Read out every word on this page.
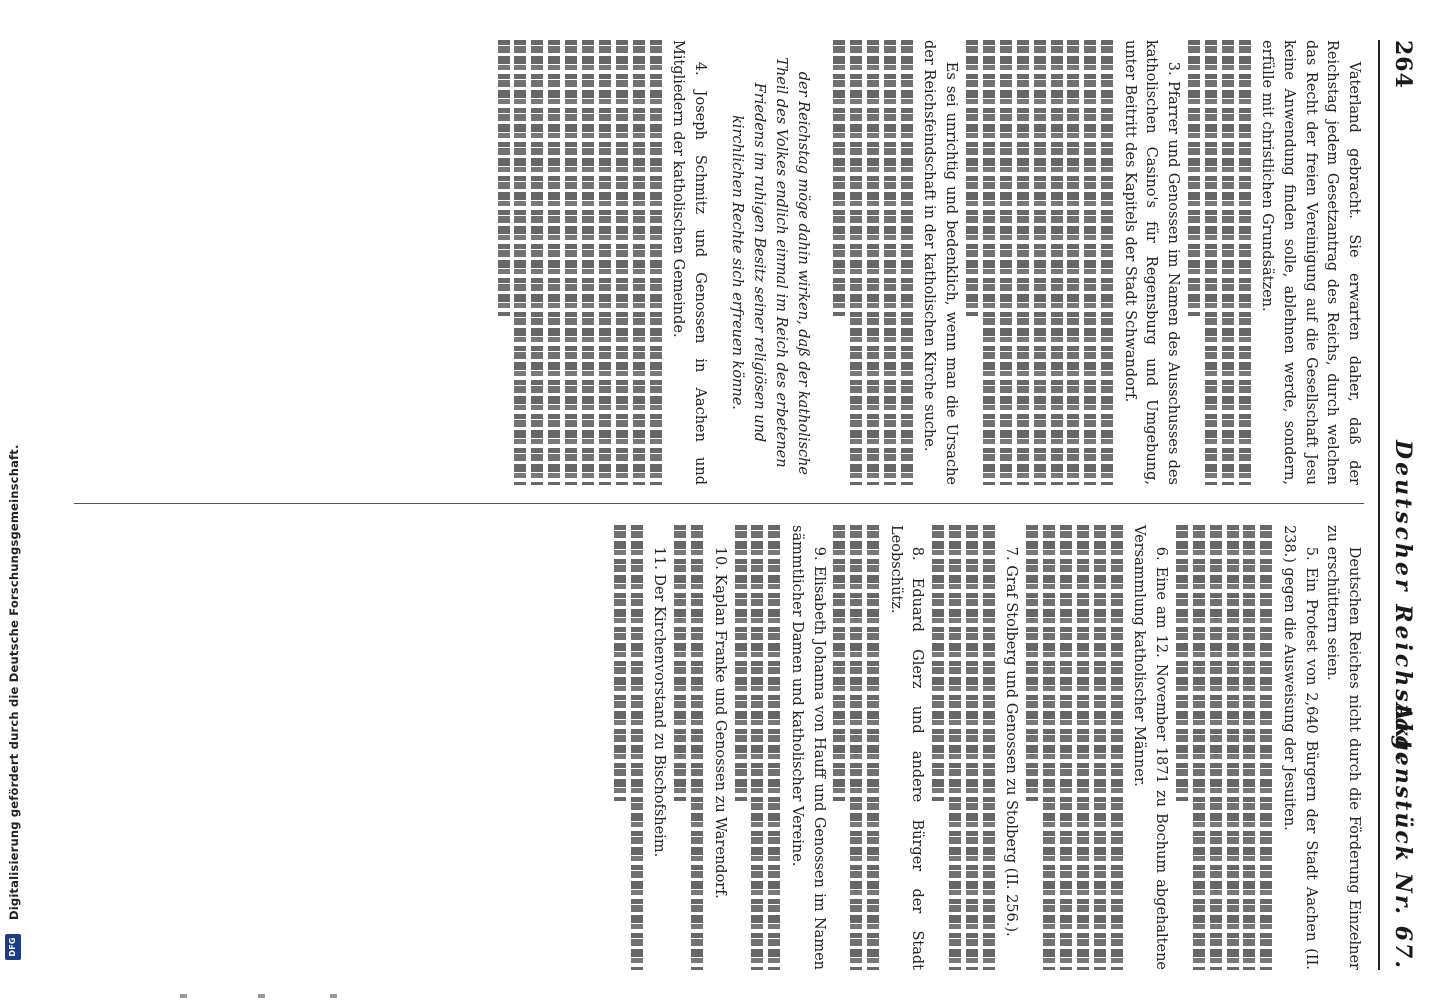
264
Deutscher Reichstag.
Aktenstück Nr. 67.

Vaterland gebracht. Sie erwarten daher, daß der Reichstag jedem Gesetzantrag des Reichs, durch welchen das Recht der freien Vereinigung auf die Gesellschaft Jesu keine Anwendung finden solle, ablehnen werde, sondern, erfülle mit christlichen Grundsätzen.

3. Pfarrer und Genossen im Namen des Ausschusses des katholischen Casino's für Regensburg und Umgebung, unter Beitritt des Kapitels der Stadt Schwandorf.

Es sei unrichtig und bedenklich, wenn man die Ursache der Reichsfeindschaft in der katholischen Kirche suche.

der Reichstag möge dahin wirken, daß der katholische Theil des Volkes endlich einmal im Reich des erbetenen Friedens im ruhigen Besitz seiner religiösen und kirchlichen Rechte sich erfreuen könne.

4. Joseph Schmitz und Genossen in Aachen und Mitgliedern der katholischen Gemeinde.

Deutschen Reiches nicht durch die Förderung Einzelner zu erschüttern seien.

5. Ein Protest von 2,640 Bürgern der Stadt Aachen (II. 238.) gegen die Ausweisung der Jesuiten.

6. Eine am 12. November 1871 zu Bochum abgehaltene Versammlung katholischer Männer.

7. Graf Stolberg und Genossen zu Stolberg (II. 256.).

8. Eduard Glerz und andere Bürger der Stadt Leobschütz.

9. Elisabeth Johanna von Hauff und Genossen im Namen sämmtlicher Damen und katholischer Vereine.

10. Kaplan Franke und Genossen zu Warendorf.

11. Der Kirchenvorstand zu Bischofsheim.

DFG
Digitalisierung gefördert durch die Deutsche Forschungsgemeinschaft.
